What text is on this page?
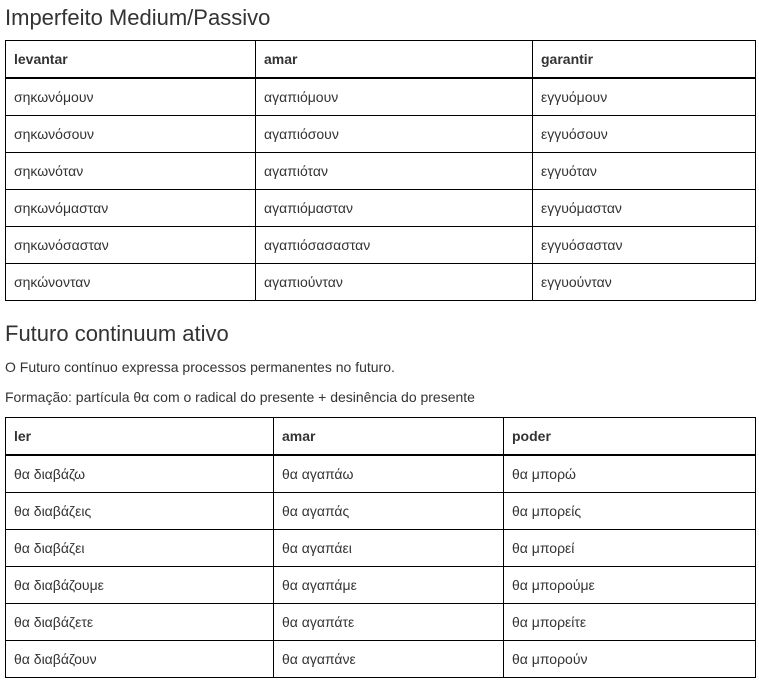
Imperfeito Medium/Passivo
levantar	amar	garantir
σηκωνόμουν	αγαπιόμουν	εγγυόμουν
σηκωνόσουν	αγαπιόσουν	εγγυόσουν
σηκωνόταν	αγαπιόταν	εγγυόταν
σηκωνόμασταν	αγαπιόμασταν	εγγυόμασταν
σηκωνόσασταν	αγαπιόσασασταν	εγγυόσασταν
σηκώνονταν	αγαπιούνταν	εγγυούνταν
Futuro continuum ativo

O Futuro contínuo expressa processos permanentes no futuro.

Formação: partícula θα com o radical do presente + desinência do presente

ler	amar	poder
θα διαβάζω	θα αγαπάω	θα μπορώ
θα διαβάζεις	θα αγαπάς	θα μπορείς
θα διαβάζει	θα αγαπάει	θα μπορεί
θα διαβάζουμε	θα αγαπάμε	θα μπορούμε
θα διαβάζετε	θα αγαπάτε	θα μπορείτε
θα διαβάζουν	θα αγαπάνε	θα μπορούν
